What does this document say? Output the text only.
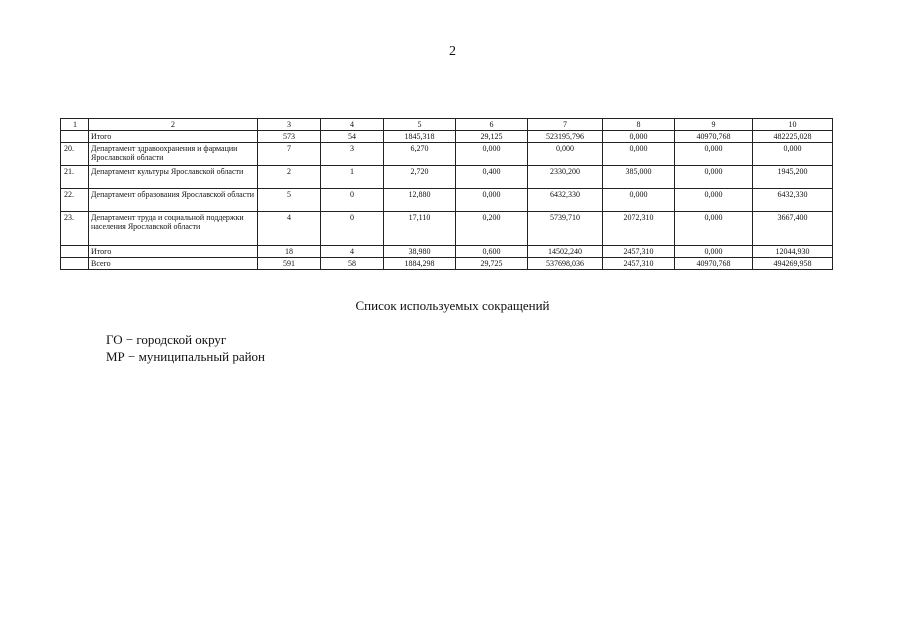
2
1	2	3	4	5	6	7	8	9	10
	Итого	573	54	1845,318	29,125	523195,796	0,000	40970,768	482225,028
20.	Департамент здравоохранения и фармации Ярославской области	7	3	6,270	0,000	0,000	0,000	0,000	0,000
21.	Департамент культуры Ярославской области	2	1	2,720	0,400	2330,200	385,000	0,000	1945,200
22.	Департамент образования Ярославской области	5	0	12,880	0,000	6432,330	0,000	0,000	6432,330
23.	Департамент труда и социальной поддержки населения Ярославской области	4	0	17,110	0,200	5739,710	2072,310	0,000	3667,400
	Итого	18	4	38,980	0,600	14502,240	2457,310	0,000	12044,930
	Всего	591	58	1884,298	29,725	537698,036	2457,310	40970,768	494269,958
Список используемых сокращений
ГО − городской округ
МР − муниципальный район
